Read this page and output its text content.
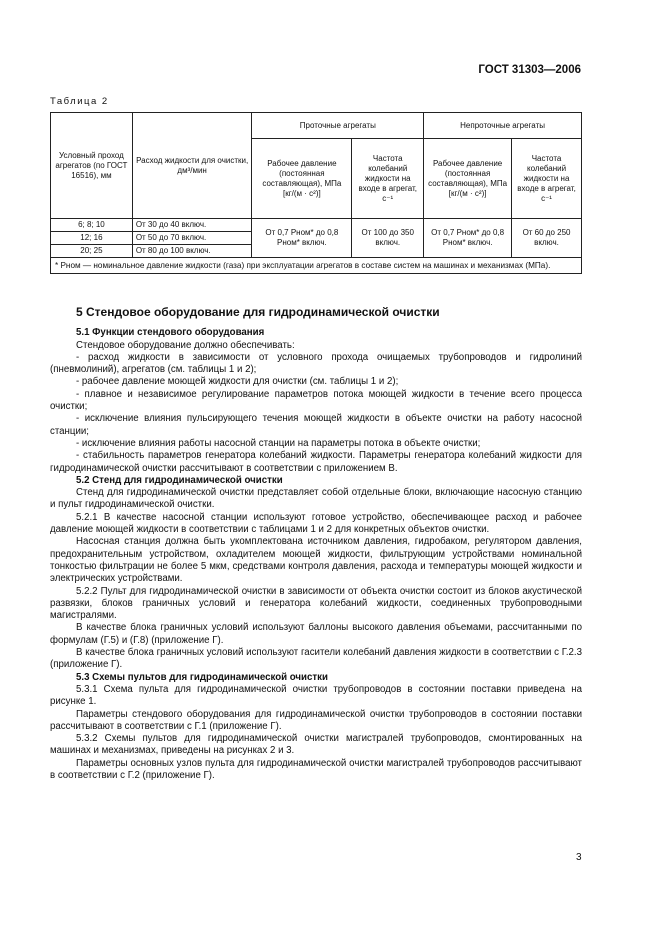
ГОСТ 31303—2006
Таблица 2
Условный проход агрегатов (по ГОСТ 16516), мм	Расход жидкости для очистки, дм³/мин	Проточные агрегаты		Непроточные агрегаты	
		Рабочее давление (постоянная составляющая), МПа [кг/(м · с²)]	Частота колебаний жидкости на входе в агрегат, с⁻¹	Рабочее давление (постоянная составляющая), МПа [кг/(м · с²)]	Частота колебаний жидкости на входе в агрегат, с⁻¹
6; 8; 10	От 30 до 40 включ.	От 0,7 Pном* до 0,8 Pном* включ.	От 100 до 350 включ.	От 0,7 Pном* до 0,8 Pном* включ.	От 60 до 250 включ.
12; 16	От 50 до 70 включ.				
20; 25	От 80 до 100 включ.				
* Pном — номинальное давление жидкости (газа) при эксплуатации агрегатов в составе систем на машинах и механизмах (МПа).					

5 Стендовое оборудование для гидродинамической очистки

5.1 Функции стендового оборудования

Стендовое оборудование должно обеспечивать:

- расход жидкости в зависимости от условного прохода очищаемых трубопроводов и гидролиний (пневмолиний), агрегатов (см. таблицы 1 и 2);

- рабочее давление моющей жидкости для очистки (см. таблицы 1 и 2);

- плавное и независимое регулирование параметров потока моющей жидкости в течение всего процесса очистки;

- исключение влияния пульсирующего течения моющей жидкости в объекте очистки на работу насосной станции;

- исключение влияния работы насосной станции на параметры потока в объекте очистки;

- стабильность параметров генератора колебаний жидкости. Параметры генератора колебаний жидкости для гидродинамической очистки рассчитывают в соответствии с приложением В.

5.2 Стенд для гидродинамической очистки

Стенд для гидродинамической очистки представляет собой отдельные блоки, включающие насосную станцию и пульт гидродинамической очистки.

5.2.1 В качестве насосной станции используют готовое устройство, обеспечивающее расход и рабочее давление моющей жидкости в соответствии с таблицами 1 и 2 для конкретных объектов очистки.

Насосная станция должна быть укомплектована источником давления, гидробаком, регулятором давления, предохранительным устройством, охладителем моющей жидкости, фильтрующим устройствами номинальной тонкостью фильтрации не более 5 мкм, средствами контроля давления, расхода и температуры моющей жидкости и электрических устройствами.

5.2.2 Пульт для гидродинамической очистки в зависимости от объекта очистки состоит из блоков акустической развязки, блоков граничных условий и генератора колебаний жидкости, соединенных трубопроводными магистралями.

В качестве блока граничных условий используют баллоны высокого давления объемами, рассчитанными по формулам (Г.5) и (Г.8) (приложение Г).

В качестве блока граничных условий используют гасители колебаний давления жидкости в соответствии с Г.2.3 (приложение Г).

5.3 Схемы пультов для гидродинамической очистки

5.3.1 Схема пульта для гидродинамической очистки трубопроводов в состоянии поставки приведена на рисунке 1.

Параметры стендового оборудования для гидродинамической очистки трубопроводов в состоянии поставки рассчитывают в соответствии с Г.1 (приложение Г).

5.3.2 Схемы пультов для гидродинамической очистки магистралей трубопроводов, смонтированных на машинах и механизмах, приведены на рисунках 2 и 3.

Параметры основных узлов пульта для гидродинамической очистки магистралей трубопроводов рассчитывают в соответствии с Г.2 (приложение Г).

3
